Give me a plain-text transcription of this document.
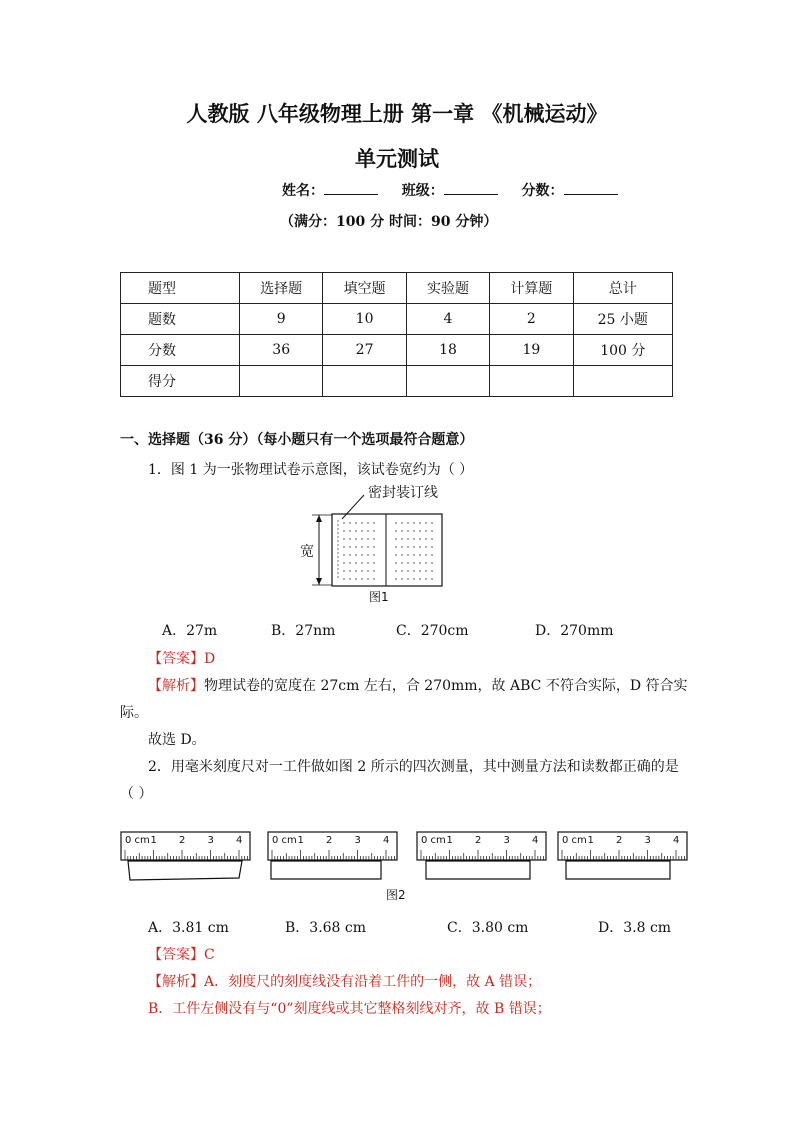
人教版 八年级物理上册 第一章 《机械运动》
单元测试
姓名：	班级：	分数：
（满分：100 分 时间：90 分钟）
题型	选择题	填空题	实验题	计算题	总计
题数	9	10	4	2	25 小题
分数	36	27	18	19	100 分
得分					
一、选择题（36 分）（每小题只有一个选项最符合题意）
1．图 1 为一张物理试卷示意图，该试卷宽约为（ ）
密封装订线
宽
图1
A．27m	B．27nm	C．270cm	D．270mm
【答案】D
【解析】物理试卷的宽度在 27cm 左右，合 270mm，故 ABC 不符合实际，D 符合实
际。
故选 D。
2．用毫米刻度尺对一工件做如图 2 所示的四次测量，其中测量方法和读数都正确的是
（ ）
0 cm 1 2 3 4	0 cm 1 2 3 4	0 cm 1 2 3 4 0 cm 1 2 3 4
图2
A．3.81 cm	B．3.68 cm	C．3.80 cm	D．3.8 cm
【答案】C
【解析】A．刻度尺的刻度线没有沿着工件的一侧，故 A 错误；
B．工件左侧没有与“0”刻度线或其它整格刻线对齐，故 B 错误；
